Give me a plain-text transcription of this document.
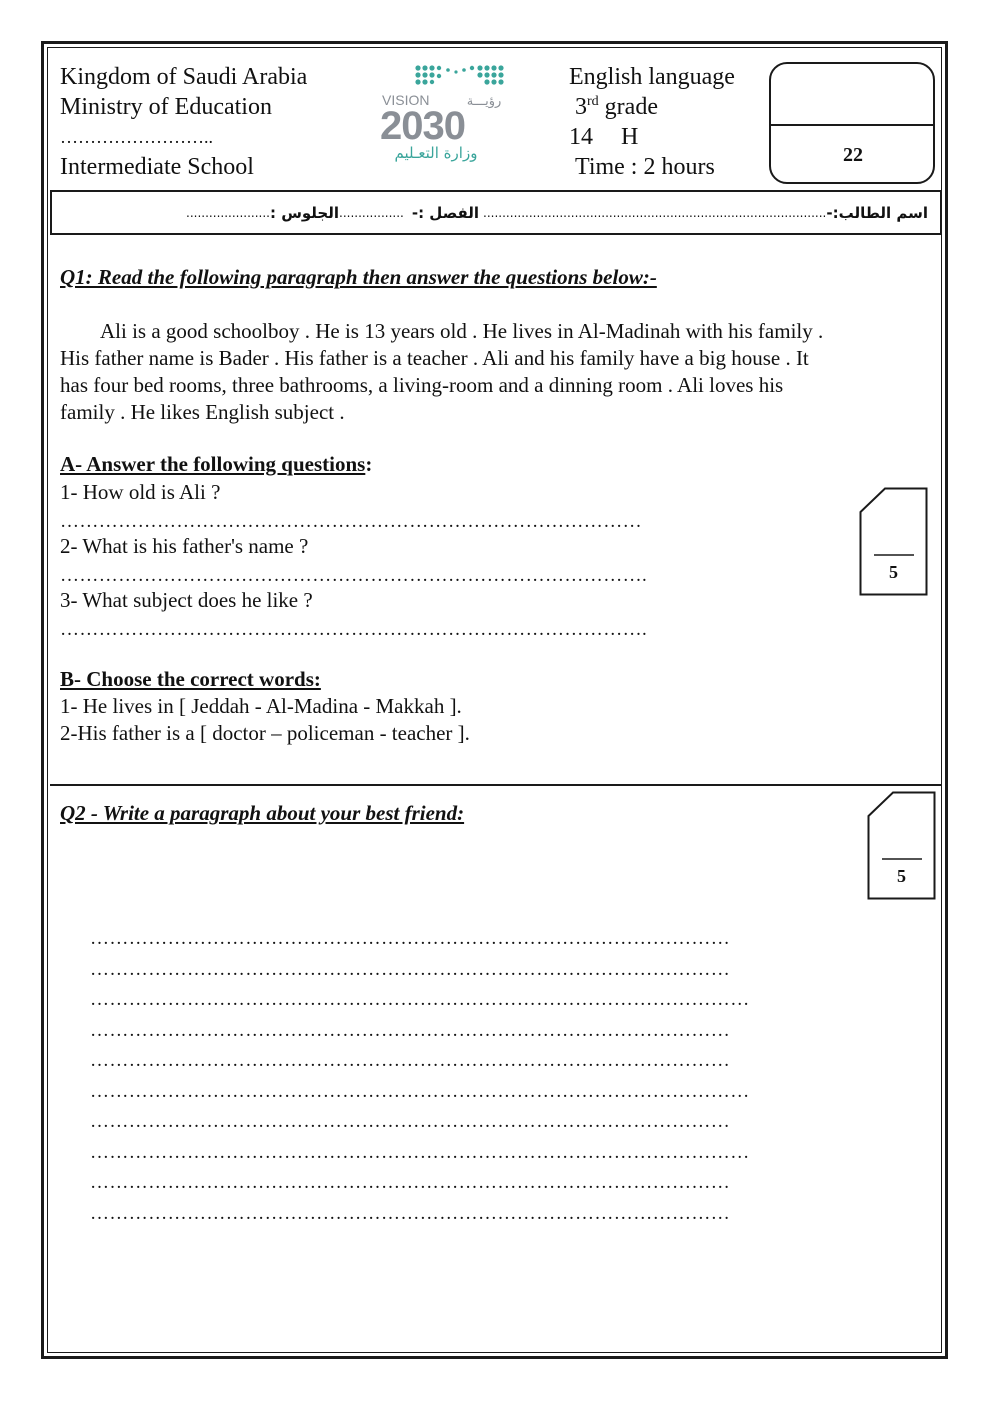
Kingdom of Saudi Arabia
Ministry of Education
……………………..
Intermediate School
VISION	رؤيـــة
2030
وزارة التعـليم
English language
3rd grade
14 H
Time : 2 hours	22
اسم الطالب:-
..........................................................................................
الفصل :-
.................
الجلوس :
......................
Q1: Read the following paragraph then answer the questions below:-
Ali is a good schoolboy . He is 13 years old . He lives in Al-Madinah with his family .
His father name is Bader . His father is a teacher . Ali and his family have a big house . It
has four bed rooms, three bathrooms, a living-room and a dinning room . Ali loves his
family . He likes English subject .
A- Answer the following questions:
1- How old is Ali ?
………………………………………………………………………………
2- What is his father's name ?
……………………………………………………………………………….
3- What subject does he like ?
……………………………………………………………………………….
5
B- Choose the correct words:
1- He lives in [ Jeddah - Al-Madina - Makkah ].
2-His father is a [ doctor – policeman - teacher ].
Q2 - Write a paragraph about your best friend:
5
………………………………………………………………………………………
………………………………………………………………………………………
…………………………………………………………………………………………
………………………………………………………………………………………
………………………………………………………………………………………
…………………………………………………………………………………………
………………………………………………………………………………………
…………………………………………………………………………………………
………………………………………………………………………………………
………………………………………………………………………………………
